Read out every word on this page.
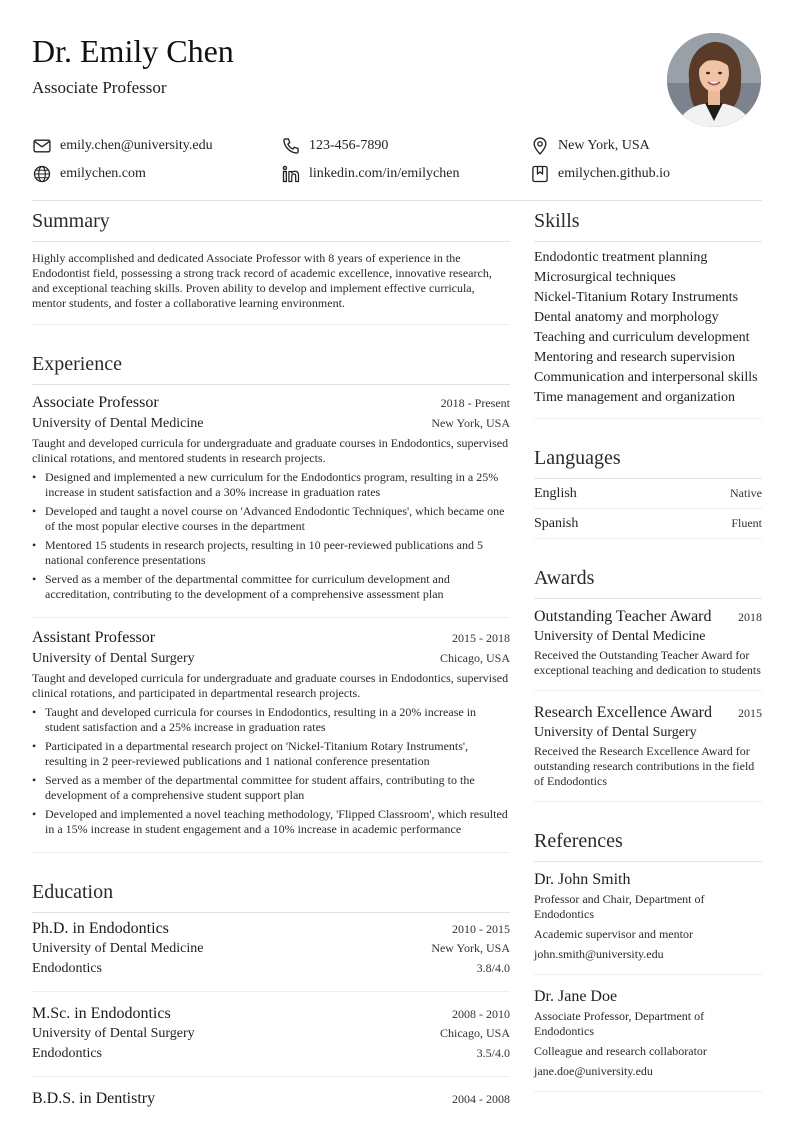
Dr. Emily Chen
Associate Professor
emily.chen@university.edu	123-456-7890	New York, USA
emilychen.com	linkedin.com/in/emilychen	emilychen.github.io
Summary
Highly accomplished and dedicated Associate Professor with 8 years of experience in the Endodontist field, possessing a strong track record of academic excellence, innovative research, and exceptional teaching skills. Proven ability to develop and implement effective curricula, mentor students, and foster a collaborative learning environment.
Experience
Associate Professor	2018 - Present
University of Dental Medicine	New York, USA
Taught and developed curricula for undergraduate and graduate courses in Endodontics, supervised clinical rotations, and mentored students in research projects.
• Designed and implemented a new curriculum for the Endodontics program, resulting in a 25% increase in student satisfaction and a 30% increase in graduation rates
• Developed and taught a novel course on 'Advanced Endodontic Techniques', which became one of the most popular elective courses in the department
• Mentored 15 students in research projects, resulting in 10 peer-reviewed publications and 5 national conference presentations
• Served as a member of the departmental committee for curriculum development and accreditation, contributing to the development of a comprehensive assessment plan
Assistant Professor	2015 - 2018
University of Dental Surgery	Chicago, USA
Taught and developed curricula for undergraduate and graduate courses in Endodontics, supervised clinical rotations, and participated in departmental research projects.
• Taught and developed curricula for courses in Endodontics, resulting in a 20% increase in student satisfaction and a 25% increase in graduation rates
• Participated in a departmental research project on 'Nickel-Titanium Rotary Instruments', resulting in 2 peer-reviewed publications and 1 national conference presentation
• Served as a member of the departmental committee for student affairs, contributing to the development of a comprehensive student support plan
• Developed and implemented a novel teaching methodology, 'Flipped Classroom', which resulted in a 15% increase in student engagement and a 10% increase in academic performance
Education
Ph.D. in Endodontics	2010 - 2015
University of Dental Medicine	New York, USA
Endodontics	3.8/4.0
M.Sc. in Endodontics	2008 - 2010
University of Dental Surgery	Chicago, USA
Endodontics	3.5/4.0
B.D.S. in Dentistry	2004 - 2008
Skills
Endodontic treatment planning
Microsurgical techniques
Nickel-Titanium Rotary Instruments
Dental anatomy and morphology
Teaching and curriculum development
Mentoring and research supervision
Communication and interpersonal skills
Time management and organization
Languages
English	Native
Spanish	Fluent
Awards
Outstanding Teacher Award 2018
University of Dental Medicine
Received the Outstanding Teacher Award for exceptional teaching and dedication to students
Research Excellence Award 2015
University of Dental Surgery
Received the Research Excellence Award for outstanding research contributions in the field of Endodontics
References
Dr. John Smith
Professor and Chair, Department of Endodontics
Academic supervisor and mentor
john.smith@university.edu
Dr. Jane Doe
Associate Professor, Department of Endodontics
Colleague and research collaborator
jane.doe@university.edu
